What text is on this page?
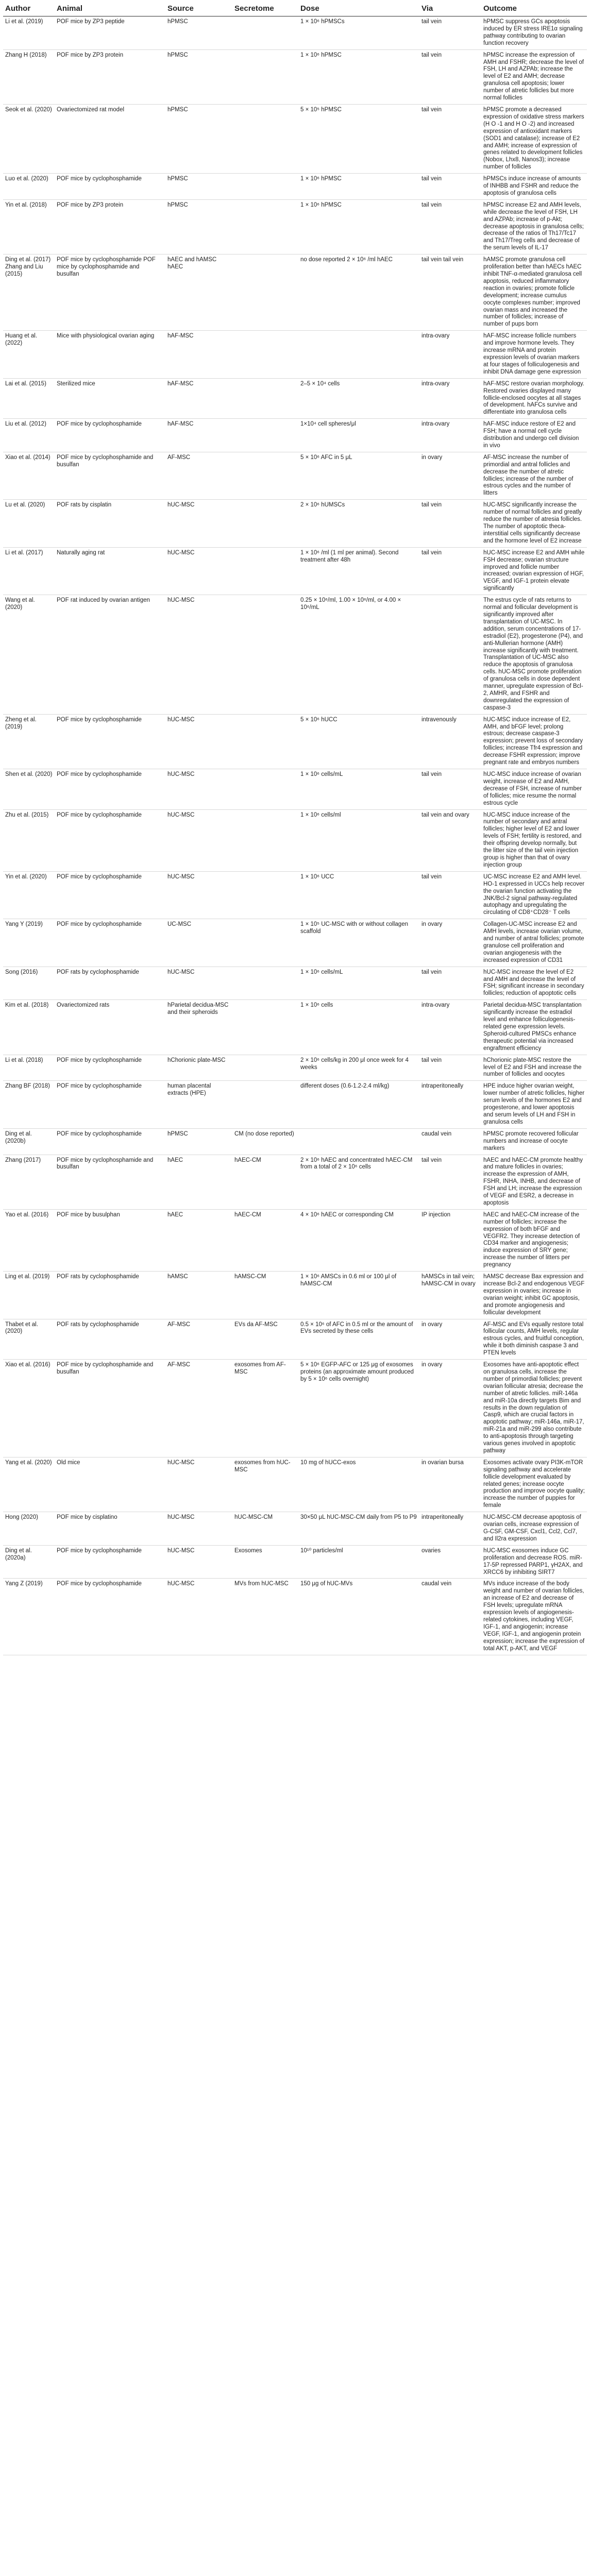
Author	Animal	Source	Secretome	Dose	Via	Outcome
Li et al. (2019)	POF mice by ZP3 peptide	hPMSC		1 × 10⁶ hPMSCs	tail vein	hPMSC suppress GCs apoptosis induced by ER stress IRE1α signaling pathway contributing to ovarian function recovery
Zhang H (2018)	POF mice by ZP3 protein	hPMSC		1 × 10⁶ hPMSC	tail vein	hPMSC increase the expression of AMH and FSHR; decrease the level of FSH, LH and AZPAb; increase the level of E2 and AMH; decrease granulosa cell apoptosis; lower number of atretic follicles but more normal follicles
Seok et al. (2020)	Ovariectomized rat model	hPMSC		5 × 10⁵ hPMSC	tail vein	hPMSC promote a decreased expression of oxidative stress markers (H O -1 and H O -2) and increased expression of antioxidant markers (SOD1 and catalase); increase of E2 and AMH; increase of expression of genes related to development follicles (Nobox, Lhx8, Nanos3); increase number of follicles
Luo et al. (2020)	POF mice by cyclophosphamide	hPMSC		1 × 10⁶ hPMSC	tail vein	hPMSCs induce increase of amounts of INHBB and FSHR and reduce the apoptosis of granulosa cells
Yin et al. (2018)	POF mice by ZP3 protein	hPMSC		1 × 10⁶ hPMSC	tail vein	hPMSC increase E2 and AMH levels, while decrease the level of FSH, LH and AZPAb; increase of p-Akt; decrease apoptosis in granulosa cells; decrease of the ratios of Th17/Tc17 and Th17/Treg cells and decrease of the serum levels of IL-17
Ding et al. (2017) Zhang and Liu (2015)	POF mice by cyclophosphamide POF mice by cyclophosphamide and busulfan	hAEC and hAMSC hAEC		no dose reported 2 × 10⁶ /ml hAEC	tail vein tail vein	hAMSC promote granulosa cell proliferation better than hAECs hAEC inhibit TNF-α-mediated granulosa cell apoptosis, reduced inflammatory reaction in ovaries; promote follicle development; increase cumulus oocyte complexes number; improved ovarian mass and increased the number of follicles; increase of number of pups born
Huang et al. (2022)	Mice with physiological ovarian aging	hAF-MSC			intra-ovary	hAF-MSC increase follicle numbers and improve hormone levels. They increase mRNA and protein expression levels of ovarian markers at four stages of folliculogenesis and inhibit DNA damage gene expression
Lai et al. (2015)	Sterilized mice	hAF-MSC		2–5 × 10⁴ cells	intra-ovary	hAF-MSC restore ovarian morphology. Restored ovaries displayed many follicle-enclosed oocytes at all stages of development. hAFCs survive and differentiate into granulosa cells
Liu et al. (2012)	POF mice by cyclophosphamide	hAF-MSC		1×10⁴ cell spheres/μl	intra-ovary	hAF-MSC induce restore of E2 and FSH; have a normal cell cycle distribution and undergo cell division in vivo
Xiao et al. (2014)	POF mice by cyclophosphamide and busulfan	AF-MSC		5 × 10⁶ AFC in 5 μL	in ovary	AF-MSC increase the number of primordial and antral follicles and decrease the number of atretic follicles; increase of the number of estrous cycles and the number of litters
Lu et al. (2020)	POF rats by cisplatin	hUC-MSC		2 × 10⁶ hUMSCs	tail vein	hUC-MSC significantly increase the number of normal follicles and greatly reduce the number of atresia follicles. The number of apoptotic theca-interstitial cells significantly decrease and the hormone level of E2 increase
Li et al. (2017)	Naturally aging rat	hUC-MSC		1 × 10⁶ /ml (1 ml per animal). Second treatment after 48h	tail vein	hUC-MSC increase E2 and AMH while FSH decrease; ovarian structure improved and follicle number increased; ovarian expression of HGF, VEGF, and IGF-1 protein elevate significantly
Wang et al. (2020)	POF rat induced by ovarian antigen	hUC-MSC		0.25 × 10⁶/ml, 1.00 × 10⁶/ml, or 4.00 × 10⁶/mL		The estrus cycle of rats returns to normal and follicular development is significantly improved after transplantation of UC-MSC. In addition, serum concentrations of 17-estradiol (E2), progesterone (P4), and anti-Mullerian hormone (AMH) increase significantly with treatment. Transplantation of UC-MSC also reduce the apoptosis of granulosa cells. hUC-MSC promote proliferation of granulosa cells in dose dependent manner, upregulate expression of Bcl-2, AMHR, and FSHR and downregulated the expression of caspase-3
Zheng et al. (2019)	POF mice by cyclophosphamide	hUC-MSC		5 × 10⁶ hUCC	intravenously	hUC-MSC induce increase of E2, AMH, and bFGF level; prolong estrous; decrease caspase-3 expression; prevent loss of secondary follicles; increase Tfr4 expression and decrease FSHR expression; improve pregnant rate and embryos numbers
Shen et al. (2020)	POF mice by cyclophosphamide	hUC-MSC		1 × 10⁶ cells/mL	tail vein	hUC-MSC induce increase of ovarian weight, increase of E2 and AMH, decrease of FSH, increase of number of follicles; mice resume the normal estrous cycle
Zhu et al. (2015)	POF mice by cyclophosphamide	hUC-MSC		1 × 10⁶ cells/ml	tail vein and ovary	hUC-MSC induce increase of the number of secondary and antral follicles; higher level of E2 and lower levels of FSH; fertility is restored, and their offspring develop normally, but the litter size of the tail vein injection group is higher than that of ovary injection group
Yin et al. (2020)	POF mice by cyclophosphamide	hUC-MSC		1 × 10⁶ UCC	tail vein	UC-MSC increase E2 and AMH level. HO-1 expressed in UCCs help recover the ovarian function activating the JNK/Bcl-2 signal pathway-regulated autophagy and upregulating the circulating of CD8⁺CD28⁻ T cells
Yang Y (2019)	POF mice by cyclophosphamide	UC-MSC		1 × 10⁵ UC-MSC with or without collagen scaffold	in ovary	Collagen-UC-MSC increase E2 and AMH levels, increase ovarian volume, and number of antral follicles; promote granulose cell proliferation and ovarian angiogenesis with the increased expression of CD31
Song (2016)	POF rats by cyclophosphamide	hUC-MSC		1 × 10⁶ cells/mL	tail vein	hUC-MSC increase the level of E2 and AMH and decrease the level of FSH; significant increase in secondary follicles; reduction of apoptotic cells
Kim et al. (2018)	Ovariectomized rats	hParietal decidua-MSC and their spheroids		1 × 10⁶ cells	intra-ovary	Parietal decidua-MSC transplantation significantly increase the estradiol level and enhance folliculogenesis-related gene expression levels. Spheroid-cultured PMSCs enhance therapeutic potential via increased engraftment efficiency
Li et al. (2018)	POF mice by cyclophosphamide	hChorionic plate-MSC		2 × 10⁶ cells/kg in 200 μl once week for 4 weeks	tail vein	hChorionic plate-MSC restore the level of E2 and FSH and increase the number of follicles and oocytes
Zhang BF (2018)	POF mice by cyclophosphamide	human placental extracts (HPE)		different doses (0.6-1.2-2.4 ml/kg)	intraperitoneally	HPE induce higher ovarian weight, lower number of atretic follicles, higher serum levels of the hormones E2 and progesterone, and lower apoptosis and serum levels of LH and FSH in granulosa cells
Ding et al. (2020b)	POF mice by cyclophosphamide	hPMSC	CM (no dose reported)		caudal vein	hPMSC promote recovered follicular numbers and increase of oocyte markers
Zhang (2017)	POF mice by cyclophosphamide and busulfan	hAEC	hAEC-CM	2 × 10⁶ hAEC and concentrated hAEC-CM from a total of 2 × 10⁶ cells	tail vein	hAEC and hAEC-CM promote healthy and mature follicles in ovaries; increase the expression of AMH, FSHR, INHA, INHB, and decrease of FSH and LH; increase the expression of VEGF and ESR2, a decrease in apoptosis
Yao et al. (2016)	POF mice by busulphan	hAEC	hAEC-CM	4 × 10⁶ hAEC or corresponding CM	IP injection	hAEC and hAEC-CM increase of the number of follicles; increase the expression of both bFGF and VEGFR2. They increase detection of CD34 marker and angiogenesis; induce expression of SRY gene; increase the number of litters per pregnancy
Ling et al. (2019)	POF rats by cyclophosphamide	hAMSC	hAMSC-CM	1 × 10⁶ AMSCs in 0.6 ml or 100 μl of hAMSC-CM	hAMSCs in tail vein; hAMSC-CM in ovary	hAMSC decrease Bax expression and increase Bcl-2 and endogenous VEGF expression in ovaries; increase in ovarian weight; inhibit GC apoptosis, and promote angiogenesis and follicular development
Thabet et al. (2020)	POF rats by cyclophosphamide	AF-MSC	EVs da AF-MSC	0.5 × 10⁶ of AFC in 0.5 ml or the amount of EVs secreted by these cells	in ovary	AF-MSC and EVs equally restore total follicular counts, AMH levels, regular estrous cycles, and fruitful conception, while it both diminish caspase 3 and PTEN levels
Xiao et al. (2016)	POF mice by cyclophosphamide and busulfan	AF-MSC	exosomes from AF-MSC	5 × 10⁶ EGFP-AFC or 125 μg of exosomes proteins (an approximate amount produced by 5 × 10⁶ cells overnight)	in ovary	Exosomes have anti-apoptotic effect on granulosa cells, increase the number of primordial follicles; prevent ovarian follicular atresia; decrease the number of atretic follicles. miR-146a and miR-10a directly targets Bim and results in the down regulation of Casp9, which are crucial factors in apoptotic pathway; miR-146a, miR-17, miR-21a and miR-299 also contribute to anti-apoptosis through targeting various genes involved in apoptotic pathway
Yang et al. (2020)	Old mice	hUC-MSC	exosomes from hUC-MSC	10 mg of hUCC-exos	in ovarian bursa	Exosomes activate ovary PI3K-mTOR signaling pathway and accelerate follicle development evaluated by related genes; increase oocyte production and improve oocyte quality; increase the number of puppies for female
Hong (2020)	POF mice by cisplatino	hUC-MSC	hUC-MSC-CM	30×50 μL hUC-MSC-CM daily from P5 to P9	intraperitoneally	hUC-MSC-CM decrease apoptosis of ovarian cells, increase expression of G-CSF, GM-CSF, Cxcl1, Ccl2, Ccl7, and Il2ra expression
Ding et al. (2020a)	POF mice by cyclophosphamide	hUC-MSC	Exosomes	10¹⁰ particles/ml	ovaries	hUC-MSC exosomes induce GC proliferation and decrease ROS. miR-17-5P repressed PARP1, γH2AX, and XRCC6 by inhibiting SIRT7
Yang Z (2019)	POF mice by cyclophosphamide	hUC-MSC	MVs from hUC-MSC	150 μg of hUC-MVs	caudal vein	MVs induce increase of the body weight and number of ovarian follicles, an increase of E2 and decrease of FSH levels; upregulate mRNA expression levels of angiogenesis-related cytokines, including VEGF, IGF-1, and angiogenin; increase VEGF, IGF-1, and angiogenin protein expression; increase the expression of total AKT, p-AKT, and VEGF
